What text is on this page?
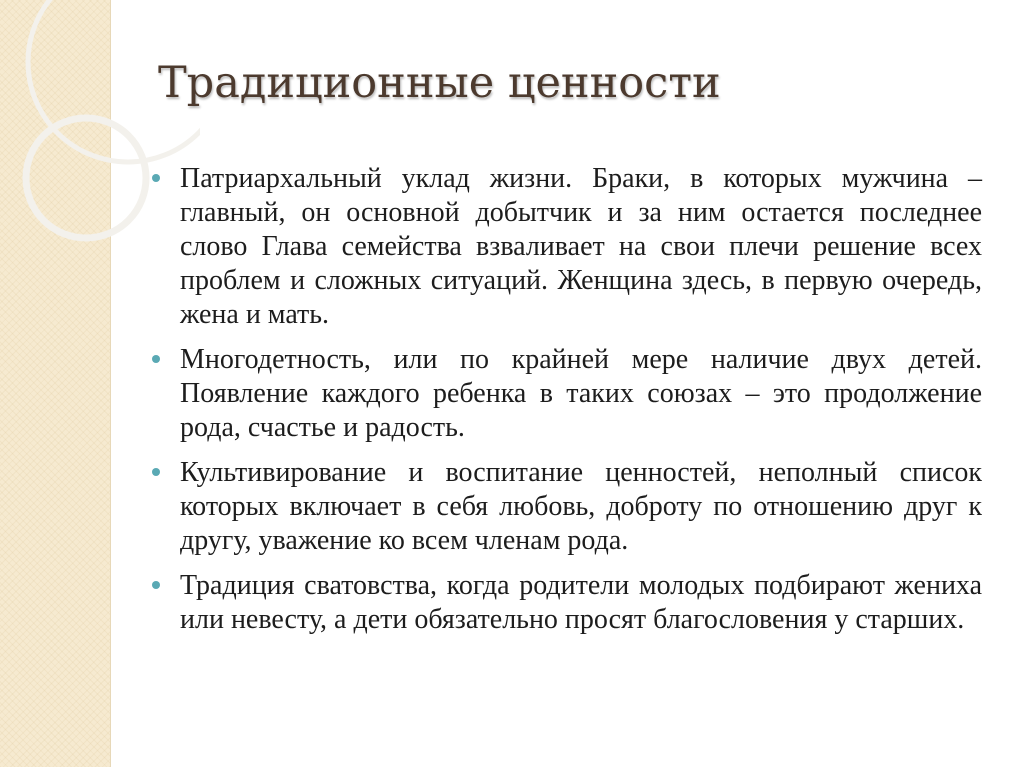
Традиционные ценности
Патриархальный уклад жизни. Браки, в которых мужчина – главный, он основной добытчик и за ним остается последнее слово Глава семейства взваливает на свои плечи решение всех проблем и сложных ситуаций. Женщина здесь, в первую очередь, жена и мать.
Многодетность, или по крайней мере наличие двух детей. Появление каждого ребенка в таких союзах – это продолжение рода, счастье и радость.
Культивирование и воспитание ценностей, неполный список которых включает в себя любовь, доброту по отношению друг к другу, уважение ко всем членам рода.
Традиция сватовства, когда родители молодых подбирают жениха или невесту, а дети обязательно просят благословения у старших.
